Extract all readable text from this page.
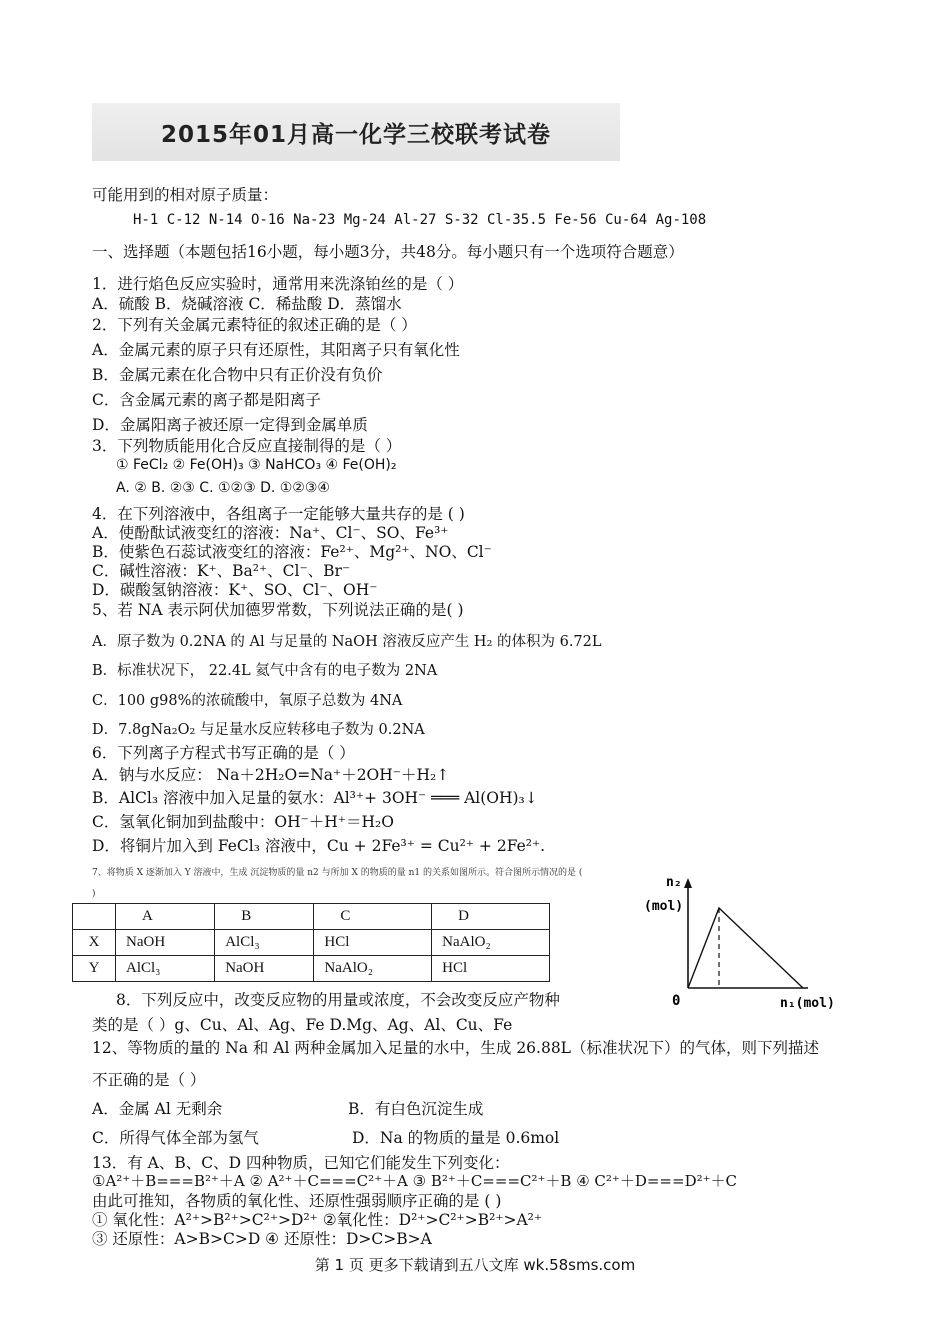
2015年01月高一化学三校联考试卷
可能用到的相对原子质量：
H-1 C-12 N-14 O-16 Na-23 Mg-24 Al-27 S-32 Cl-35.5 Fe-56 Cu-64 Ag-108
一、选择题（本题包括16小题，每小题3分，共48分。每小题只有一个选项符合题意）
1．进行焰色反应实验时，通常用来洗涤铂丝的是（ ）
A．硫酸 B．烧碱溶液 C．稀盐酸 D．蒸馏水
2．下列有关金属元素特征的叙述正确的是（ ）
A．金属元素的原子只有还原性，其阳离子只有氧化性
B．金属元素在化合物中只有正价没有负价
C．含金属元素的离子都是阳离子
D．金属阳离子被还原一定得到金属单质
3．下列物质能用化合反应直接制得的是（ ）
① FeCl₂ ② Fe(OH)₃ ③ NaHCO₃ ④ Fe(OH)₂
A. ② B. ②③ C. ①②③ D. ①②③④
4．在下列溶液中，各组离子一定能够大量共存的是 ( )
A．使酚酞试液变红的溶液：Na⁺、Cl⁻、SO、Fe³⁺
B．使紫色石蕊试液变红的溶液：Fe²⁺、Mg²⁺、NO、Cl⁻
C．碱性溶液：K⁺、Ba²⁺、Cl⁻、Br⁻
D．碳酸氢钠溶液：K⁺、SO、Cl⁻、OH⁻
5、若 NA 表示阿伏加德罗常数，下列说法正确的是( )
A．原子数为 0.2NA 的 Al 与足量的 NaOH 溶液反应产生 H₂ 的体积为 6.72L
B．标准状况下， 22.4L 氦气中含有的电子数为 2NA
C．100 g98%的浓硫酸中，氧原子总数为 4NA
D．7.8gNa₂O₂ 与足量水反应转移电子数为 0.2NA
6．下列离子方程式书写正确的是（ ）
A．钠与水反应： Na＋2H₂O=Na⁺＋2OH⁻＋H₂↑
B．AlCl₃ 溶液中加入足量的氨水：Al³⁺+ 3OH⁻ ═══ Al(OH)₃↓
C．氢氧化铜加到盐酸中：OH⁻＋H⁺＝H₂O
D．将铜片加入到 FeCl₃ 溶液中，Cu + 2Fe³⁺ = Cu²⁺ + 2Fe²⁺.
7、将物质 X 逐渐加入 Y 溶液中，生成 沉淀物质的量 n2 与所加 X 的物质的量 n1 的关系如图所示。符合图所示情况的是 (
)
	A	B	C	D
X	NaOH	AlCl₃	HCl	NaAlO₂
Y	AlCl₃	NaOH	NaAlO₂	HCl
n₂
(mol)
0	n₁(mol)
8．下列反应中，改变反应物的用量或浓度，不会改变反应产物种
类的是（ ）g、Cu、Al、Ag、Fe D.Mg、Ag、Al、Cu、Fe
12、等物质的量的 Na 和 Al 两种金属加入足量的水中，生成 26.88L（标准状况下）的气体，则下列描述
不正确的是（ ）
A．金属 Al 无剩余	B．有白色沉淀生成
C．所得气体全部为氢气	D．Na 的物质的量是 0.6mol
13．有 A、B、C、D 四种物质，已知它们能发生下列变化：
①A²⁺＋B===B²⁺＋A ② A²⁺＋C===C²⁺＋A ③ B²⁺＋C===C²⁺＋B ④ C²⁺＋D===D²⁺＋C
由此可推知，各物质的氧化性、还原性强弱顺序正确的是 ( )
① 氧化性：A²⁺>B²⁺>C²⁺>D²⁺ ②氧化性：D²⁺>C²⁺>B²⁺>A²⁺
③ 还原性：A>B>C>D ④ 还原性：D>C>B>A
第 1 页 更多下载请到五八文库 wk.58sms.com
